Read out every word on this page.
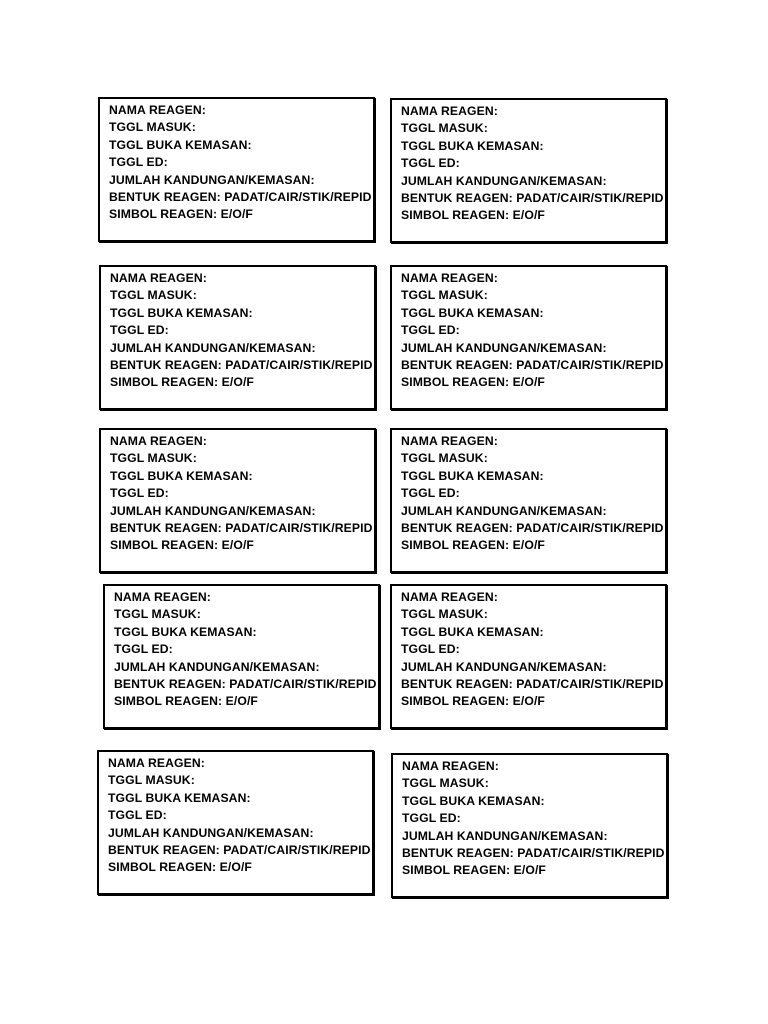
NAMA REAGEN:
TGGL MASUK:
TGGL BUKA KEMASAN:
TGGL ED:
JUMLAH KANDUNGAN/KEMASAN:
BENTUK REAGEN: PADAT/CAIR/STIK/REPID
SIMBOL REAGEN: E/O/F
NAMA REAGEN:
TGGL MASUK:
TGGL BUKA KEMASAN:
TGGL ED:
JUMLAH KANDUNGAN/KEMASAN:
BENTUK REAGEN: PADAT/CAIR/STIK/REPID
SIMBOL REAGEN: E/O/F
NAMA REAGEN:
TGGL MASUK:
TGGL BUKA KEMASAN:
TGGL ED:
JUMLAH KANDUNGAN/KEMASAN:
BENTUK REAGEN: PADAT/CAIR/STIK/REPID
SIMBOL REAGEN: E/O/F
NAMA REAGEN:
TGGL MASUK:
TGGL BUKA KEMASAN:
TGGL ED:
JUMLAH KANDUNGAN/KEMASAN:
BENTUK REAGEN: PADAT/CAIR/STIK/REPID
SIMBOL REAGEN: E/O/F
NAMA REAGEN:
TGGL MASUK:
TGGL BUKA KEMASAN:
TGGL ED:
JUMLAH KANDUNGAN/KEMASAN:
BENTUK REAGEN: PADAT/CAIR/STIK/REPID
SIMBOL REAGEN: E/O/F
NAMA REAGEN:
TGGL MASUK:
TGGL BUKA KEMASAN:
TGGL ED:
JUMLAH KANDUNGAN/KEMASAN:
BENTUK REAGEN: PADAT/CAIR/STIK/REPID
SIMBOL REAGEN: E/O/F
NAMA REAGEN:
TGGL MASUK:
TGGL BUKA KEMASAN:
TGGL ED:
JUMLAH KANDUNGAN/KEMASAN:
BENTUK REAGEN: PADAT/CAIR/STIK/REPID
SIMBOL REAGEN: E/O/F
NAMA REAGEN:
TGGL MASUK:
TGGL BUKA KEMASAN:
TGGL ED:
JUMLAH KANDUNGAN/KEMASAN:
BENTUK REAGEN: PADAT/CAIR/STIK/REPID
SIMBOL REAGEN: E/O/F
NAMA REAGEN:
TGGL MASUK:
TGGL BUKA KEMASAN:
TGGL ED:
JUMLAH KANDUNGAN/KEMASAN:
BENTUK REAGEN: PADAT/CAIR/STIK/REPID
SIMBOL REAGEN: E/O/F
NAMA REAGEN:
TGGL MASUK:
TGGL BUKA KEMASAN:
TGGL ED:
JUMLAH KANDUNGAN/KEMASAN:
BENTUK REAGEN: PADAT/CAIR/STIK/REPID
SIMBOL REAGEN: E/O/F
